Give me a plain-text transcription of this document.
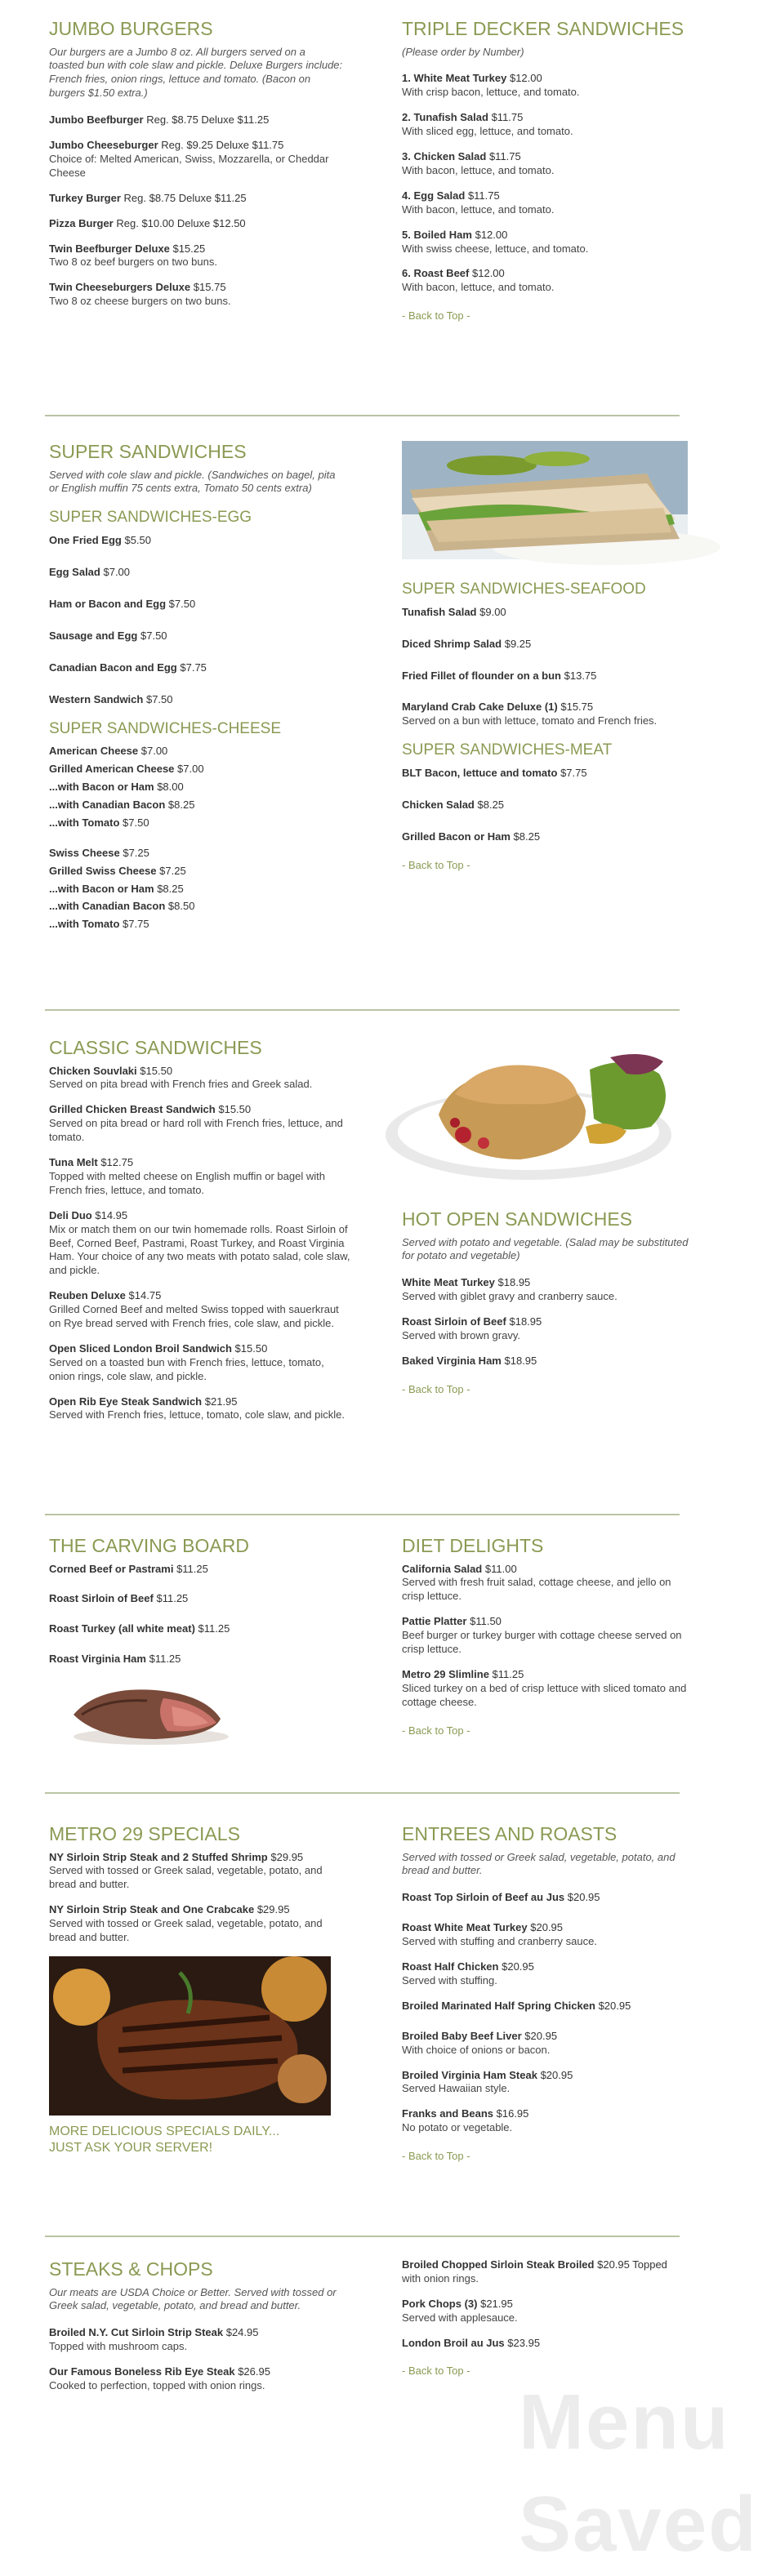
JUMBO BURGERS

Our burgers are a Jumbo 8 oz. All burgers served on a toasted bun with cole slaw and pickle. Deluxe Burgers include: French fries, onion rings, lettuce and tomato. (Bacon on burgers $1.50 extra.)

Jumbo Beefburger Reg. $8.75 Deluxe $11.25
Jumbo Cheeseburger Reg. $9.25 Deluxe $11.75
Choice of: Melted American, Swiss, Mozzarella, or Cheddar Cheese
Turkey Burger Reg. $8.75 Deluxe $11.25
Pizza Burger Reg. $10.00 Deluxe $12.50
Twin Beefburger Deluxe $15.25
Two 8 oz beef burgers on two buns.
Twin Cheeseburgers Deluxe $15.75
Two 8 oz cheese burgers on two buns.
TRIPLE DECKER SANDWICHES

(Please order by Number)

1. White Meat Turkey $12.00
With crisp bacon, lettuce, and tomato.
2. Tunafish Salad $11.75
With sliced egg, lettuce, and tomato.
3. Chicken Salad $11.75
With bacon, lettuce, and tomato.
4. Egg Salad $11.75
With bacon, lettuce, and tomato.
5. Boiled Ham $12.00
With swiss cheese, lettuce, and tomato.
6. Roast Beef $12.00
With bacon, lettuce, and tomato.
- Back to Top -
SUPER SANDWICHES

Served with cole slaw and pickle. (Sandwiches on bagel, pita or English muffin 75 cents extra, Tomato 50 cents extra)

SUPER SANDWICHES-EGG
One Fried Egg $5.50
Egg Salad $7.00
Ham or Bacon and Egg $7.50
Sausage and Egg $7.50
Canadian Bacon and Egg $7.75
Western Sandwich $7.50
SUPER SANDWICHES-CHEESE
American Cheese $7.00
Grilled American Cheese $7.00
...with Bacon or Ham $8.00
...with Canadian Bacon $8.25
...with Tomato $7.50
Swiss Cheese $7.25
Grilled Swiss Cheese $7.25
...with Bacon or Ham $8.25
...with Canadian Bacon $8.50
...with Tomato $7.75
SUPER SANDWICHES-SEAFOOD
Tunafish Salad $9.00
Diced Shrimp Salad $9.25
Fried Fillet of flounder on a bun $13.75
Maryland Crab Cake Deluxe (1) $15.75
Served on a bun with lettuce, tomato and French fries.
SUPER SANDWICHES-MEAT
BLT Bacon, lettuce and tomato $7.75
Chicken Salad $8.25
Grilled Bacon or Ham $8.25
- Back to Top -
CLASSIC SANDWICHES
Chicken Souvlaki $15.50
Served on pita bread with French fries and Greek salad.
Grilled Chicken Breast Sandwich $15.50
Served on pita bread or hard roll with French fries, lettuce, and tomato.
Tuna Melt $12.75
Topped with melted cheese on English muffin or bagel with French fries, lettuce, and tomato.
Deli Duo $14.95
Mix or match them on our twin homemade rolls. Roast Sirloin of Beef, Corned Beef, Pastrami, Roast Turkey, and Roast Virginia Ham. Your choice of any two meats with potato salad, cole slaw, and pickle.
Reuben Deluxe $14.75
Grilled Corned Beef and melted Swiss topped with sauerkraut on Rye bread served with French fries, cole slaw, and pickle.
Open Sliced London Broil Sandwich $15.50
Served on a toasted bun with French fries, lettuce, tomato, onion rings, cole slaw, and pickle.
Open Rib Eye Steak Sandwich $21.95
Served with French fries, lettuce, tomato, cole slaw, and pickle.
HOT OPEN SANDWICHES

Served with potato and vegetable. (Salad may be substituted for potato and vegetable)

White Meat Turkey $18.95
Served with giblet gravy and cranberry sauce.
Roast Sirloin of Beef $18.95
Served with brown gravy.
Baked Virginia Ham $18.95
- Back to Top -
THE CARVING BOARD
Corned Beef or Pastrami $11.25
Roast Sirloin of Beef $11.25
Roast Turkey (all white meat) $11.25
Roast Virginia Ham $11.25
DIET DELIGHTS
California Salad $11.00
Served with fresh fruit salad, cottage cheese, and jello on crisp lettuce.
Pattie Platter $11.50
Beef burger or turkey burger with cottage cheese served on crisp lettuce.
Metro 29 Slimline $11.25
Sliced turkey on a bed of crisp lettuce with sliced tomato and cottage cheese.
- Back to Top -
METRO 29 SPECIALS
NY Sirloin Strip Steak and 2 Stuffed Shrimp $29.95
Served with tossed or Greek salad, vegetable, potato, and bread and butter.
NY Sirloin Strip Steak and One Crabcake $29.95
Served with tossed or Greek salad, vegetable, potato, and bread and butter.

MORE DELICIOUS SPECIALS DAILY...
JUST ASK YOUR SERVER!

ENTREES AND ROASTS

Served with tossed or Greek salad, vegetable, potato, and bread and butter.

Roast Top Sirloin of Beef au Jus $20.95
Roast White Meat Turkey $20.95
Served with stuffing and cranberry sauce.
Roast Half Chicken $20.95
Served with stuffing.
Broiled Marinated Half Spring Chicken $20.95
Broiled Baby Beef Liver $20.95
With choice of onions or bacon.
Broiled Virginia Ham Steak $20.95
Served Hawaiian style.
Franks and Beans $16.95
No potato or vegetable.
- Back to Top -
STEAKS & CHOPS

Our meats are USDA Choice or Better. Served with tossed or Greek salad, vegetable, potato, and bread and butter.

Broiled N.Y. Cut Sirloin Strip Steak $24.95
Topped with mushroom caps.
Our Famous Boneless Rib Eye Steak $26.95
Cooked to perfection, topped with onion rings.
Broiled Chopped Sirloin Steak Broiled $20.95 Topped
with onion rings.
Pork Chops (3) $21.95
Served with applesauce.
London Broil au Jus $23.95
- Back to Top -
Menu Saved
